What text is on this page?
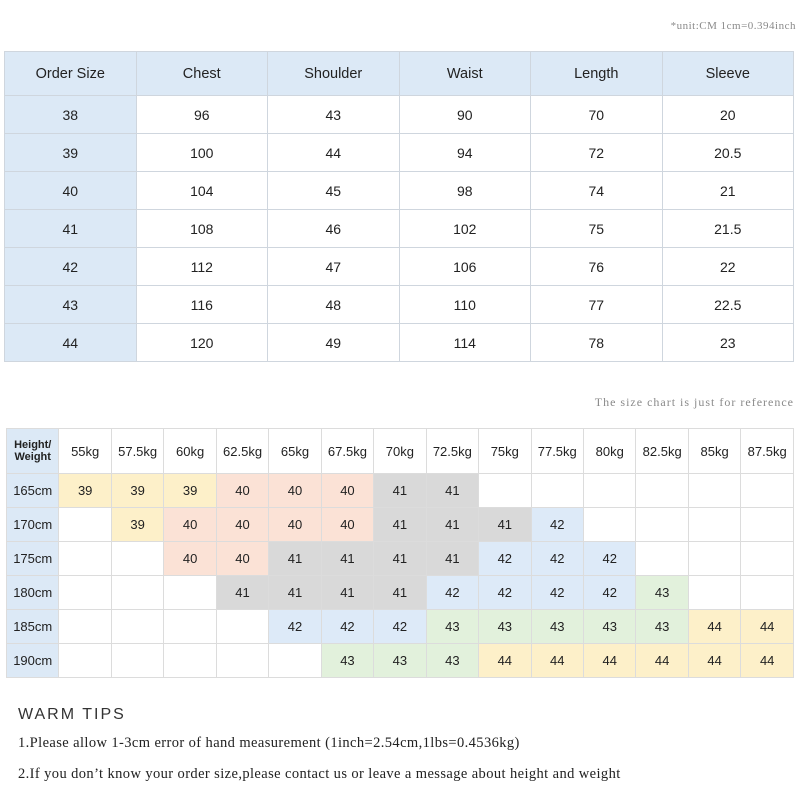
*unit:CM 1cm=0.394inch
Order Size	Chest	Shoulder	Waist	Length	Sleeve
38	96	43	90	70	20
39	100	44	94	72	20.5
40	104	45	98	74	21
41	108	46	102	75	21.5
42	112	47	106	76	22
43	116	48	110	77	22.5
44	120	49	114	78	23
The size chart is just for reference
Height/ Weight	55kg	57.5kg	60kg	62.5kg	65kg	67.5kg	70kg	72.5kg	75kg	77.5kg	80kg	82.5kg	85kg	87.5kg
165cm	39	39	39	40	40	40	41	41						
170cm		39	40	40	40	40	41	41	41	42				
175cm			40	40	41	41	41	41	42	42	42			
180cm				41	41	41	41	42	42	42	42	43		
185cm					42	42	42	43	43	43	43	43	44	44
190cm						43	43	43	44	44	44	44	44	44
WARM TIPS
1.Please allow 1-3cm error of hand measurement (1inch=2.54cm,1lbs=0.4536kg)
2.If you don’t know your order size,please contact us or leave a message about height and weight
